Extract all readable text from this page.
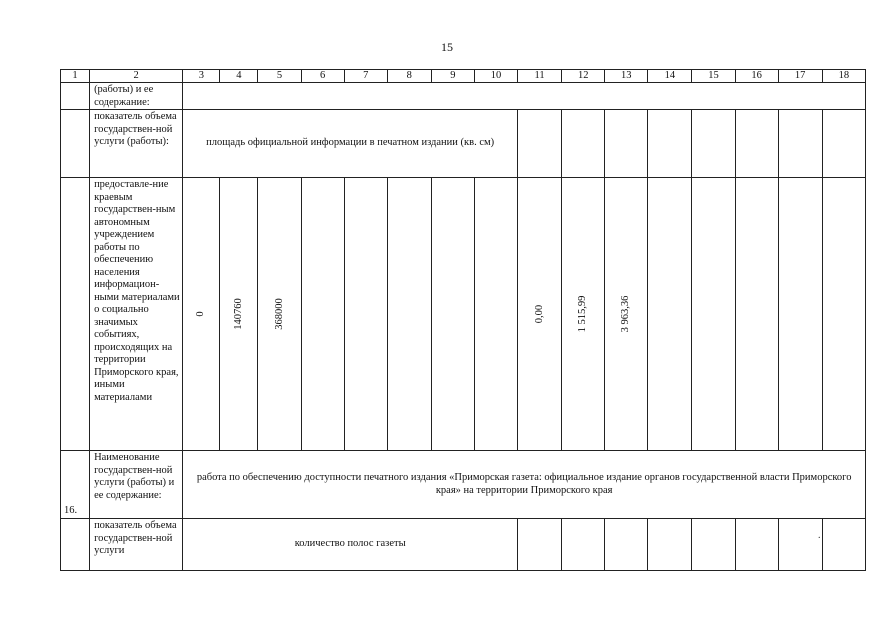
15
1	2	3	4	5	6	7	8	9	10	11	12	13	14	15	16	17	18
	(работы) и ее содержание:																
	показатель объема государствен-ной услуги (работы):	площадь официальной информации в печатном издании (кв. см)															
	предоставле-ние краевым государствен-ным автономным учреждением работы по обеспечению населения информацион-ными материалами о социально значимых событиях, происходящих на территории Приморского края, иными материалами	0	140760	368000						0,00	1 515,99	3 963,36					

16.	Наименование государствен-ной услуги (работы) и ее содержание:	работа по обеспечению доступности печатного издания «Приморская газета: официальное издание органов государственной власти Приморского края» на территории Приморского края															
	показатель объема государствен-ной услуги	количество полос газеты															
.
